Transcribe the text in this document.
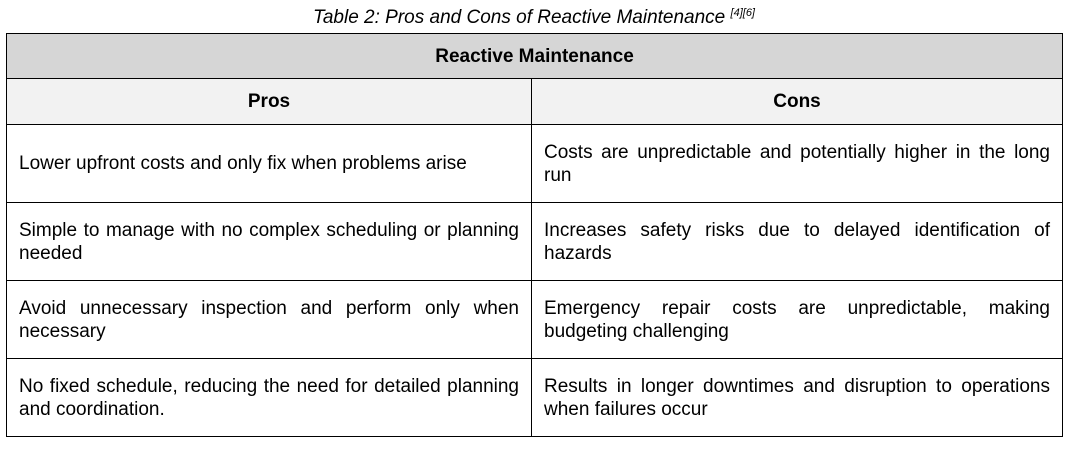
Table 2: Pros and Cons of Reactive Maintenance [4][6]
Reactive Maintenance	
Pros	Cons
Lower upfront costs and only fix when problems arise	Costs are unpredictable and potentially higher in the long run
Simple to manage with no complex scheduling or planning needed	Increases safety risks due to delayed identification of hazards
Avoid unnecessary inspection and perform only when necessary	Emergency repair costs are unpredictable, making budgeting challenging
No fixed schedule, reducing the need for detailed planning and coordination.	Results in longer downtimes and disruption to operations when failures occur
